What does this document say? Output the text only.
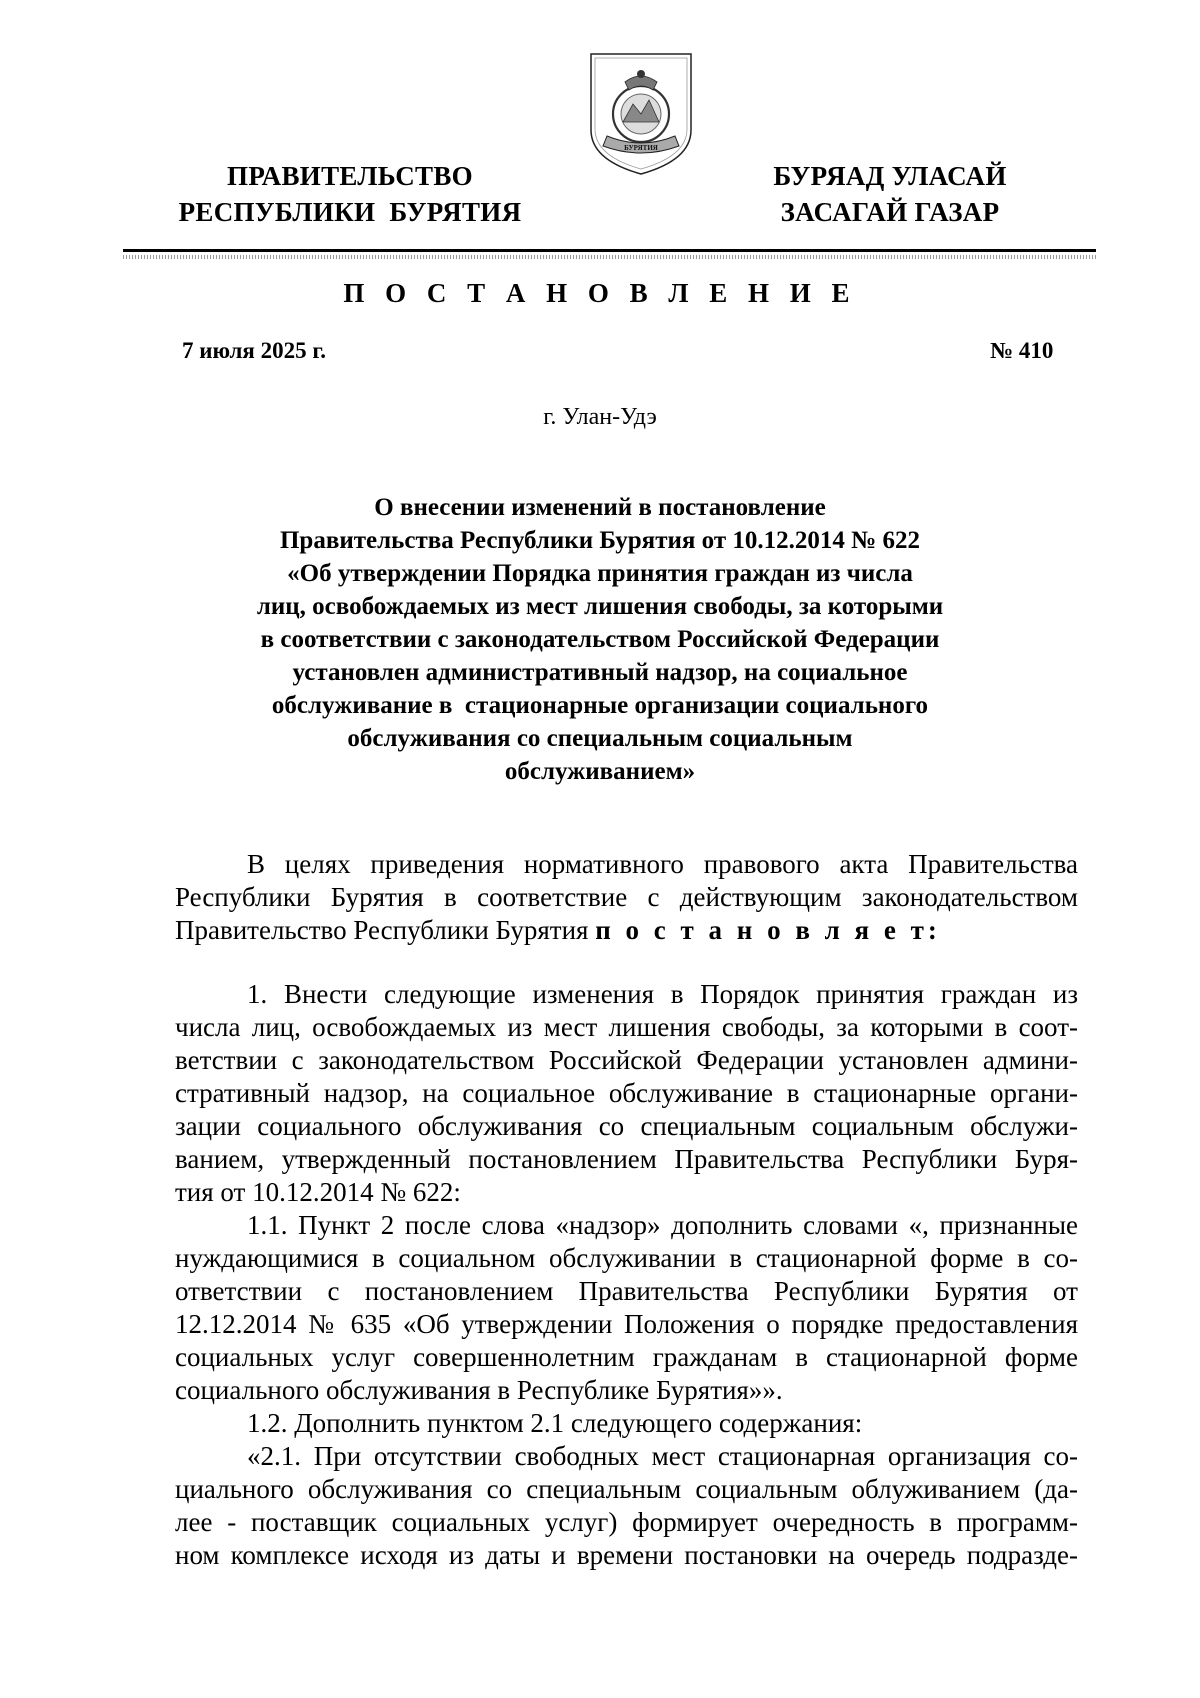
ПРАВИТЕЛЬСТВО
РЕСПУБЛИКИ  БУРЯТИЯ
БУРЯТИЯ
БУРЯАД УЛАСАЙ
ЗАСАГАЙ ГАЗАР
П О С Т А Н О В Л Е Н И Е
7 июля 2025 г.	№ 410
г. Улан-Удэ
О внесении изменений в постановление
Правительства Республики Бурятия от 10.12.2014 № 622
«Об утверждении Порядка принятия граждан из числа
лиц, освобождаемых из мест лишения свободы, за которыми
в соответствии с законодательством Российской Федерации
установлен административный надзор, на социальное
обслуживание в  стационарные организации социального
обслуживания со специальным социальным
обслуживанием»
В целях приведения нормативного правового акта Правительства
Республики Бурятия в соответствие с действующим законодательством
Правительство Республики Бурятия п о с т а н о в л я е т:
1. Внести следующие изменения в Порядок принятия граждан из
числа лиц, освобождаемых из мест лишения свободы, за которыми в соот-
ветствии с законодательством Российской Федерации установлен админи-
стративный надзор, на социальное обслуживание в стационарные органи-
зации социального обслуживания со специальным социальным обслужи-
ванием, утвержденный постановлением Правительства Республики Буря-
тия от 10.12.2014 № 622:
1.1. Пункт 2 после слова «надзор» дополнить словами «, признанные
нуждающимися в социальном обслуживании в стационарной форме в со-
ответствии с постановлением Правительства Республики Бурятия от
12.12.2014 № 635 «Об утверждении Положения о порядке предоставления
социальных услуг совершеннолетним гражданам в стационарной форме
социального обслуживания в Республике Бурятия»».
1.2. Дополнить пунктом 2.1 следующего содержания:
«2.1. При отсутствии свободных мест стационарная организация со-
циального обслуживания со специальным социальным облуживанием (да-
лее - поставщик социальных услуг) формирует очередность в программ-
ном комплексе исходя из даты и времени постановки на очередь подразде-
